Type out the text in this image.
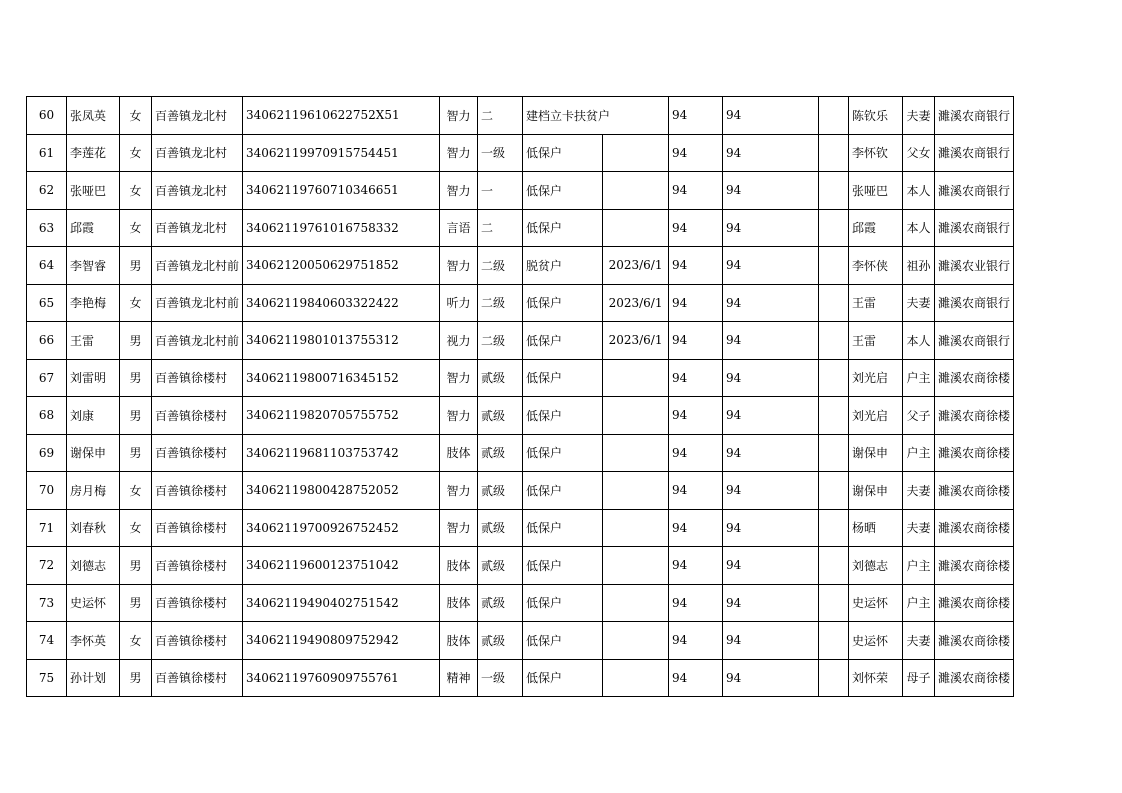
60	张凤英	女	百善镇龙北村	34062119610622752X51	智力	二	建档立卡扶贫户		94	94		陈钦乐	夫妻	濉溪农商银行
61	李莲花	女	百善镇龙北村	34062119970915754451	智力	一级	低保户		94	94		李怀钦	父女	濉溪农商银行
62	张哑巴	女	百善镇龙北村	34062119760710346651	智力	一	低保户		94	94		张哑巴	本人	濉溪农商银行
63	邱霞	女	百善镇龙北村	34062119761016758332	言语	二	低保户		94	94		邱霞	本人	濉溪农商银行
64	李智睿	男	百善镇龙北村前	34062120050629751852	智力	二级	脱贫户	2023/6/1	94	94		李怀侠	祖孙	濉溪农业银行
65	李艳梅	女	百善镇龙北村前	34062119840603322422	听力	二级	低保户	2023/6/1	94	94		王雷	夫妻	濉溪农商银行
66	王雷	男	百善镇龙北村前	34062119801013755312	视力	二级	低保户	2023/6/1	94	94		王雷	本人	濉溪农商银行
67	刘雷明	男	百善镇徐楼村	34062119800716345152	智力	贰级	低保户		94	94		刘光启	户主	濉溪农商徐楼
68	刘康	男	百善镇徐楼村	34062119820705755752	智力	贰级	低保户		94	94		刘光启	父子	濉溪农商徐楼
69	谢保申	男	百善镇徐楼村	34062119681103753742	肢体	贰级	低保户		94	94		谢保申	户主	濉溪农商徐楼
70	房月梅	女	百善镇徐楼村	34062119800428752052	智力	贰级	低保户		94	94		谢保申	夫妻	濉溪农商徐楼
71	刘春秋	女	百善镇徐楼村	34062119700926752452	智力	贰级	低保户		94	94		杨晒	夫妻	濉溪农商徐楼
72	刘德志	男	百善镇徐楼村	34062119600123751042	肢体	贰级	低保户		94	94		刘德志	户主	濉溪农商徐楼
73	史运怀	男	百善镇徐楼村	34062119490402751542	肢体	贰级	低保户		94	94		史运怀	户主	濉溪农商徐楼
74	李怀英	女	百善镇徐楼村	34062119490809752942	肢体	贰级	低保户		94	94		史运怀	夫妻	濉溪农商徐楼
75	孙计划	男	百善镇徐楼村	34062119760909755761	精神	一级	低保户		94	94		刘怀荣	母子	濉溪农商徐楼
